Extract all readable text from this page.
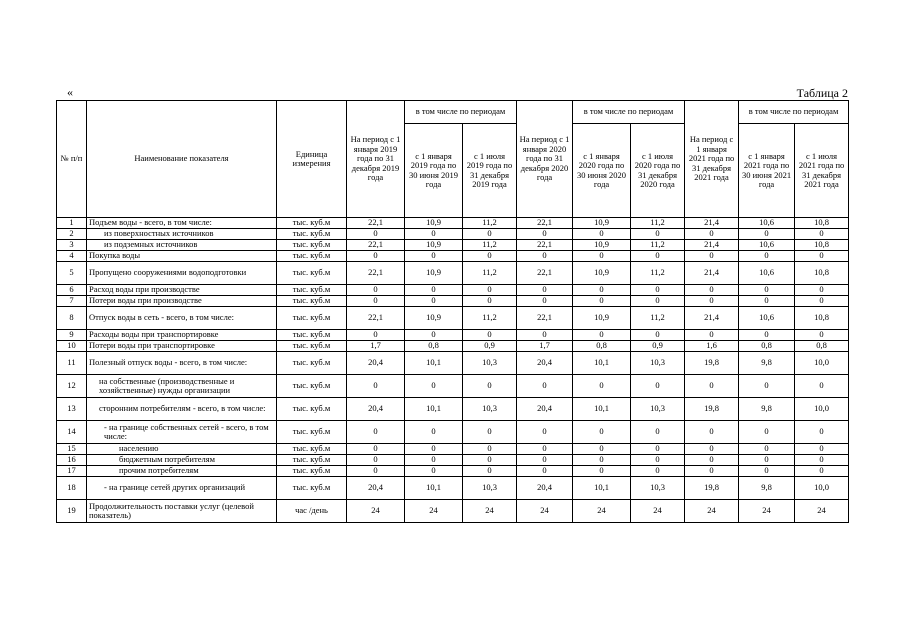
«	Таблица 2
№ п/п	Наименование показателя	Единица измерения	На период с 1 января 2019 года по 31 декабря 2019 года	в том числе по периодам		На период с 1 января 2020 года по 31 декабря 2020 года	в том числе по периодам		На период с 1 января 2021 года по 31 декабря 2021 года	в том числе по периодам	
				с 1 января 2019 года по 30 июня 2019 года	с 1 июля 2019 года по 31 декабря 2019 года		с 1 января 2020 года по 30 июня 2020 года	с 1 июля 2020 года по 31 декабря 2020 года		с 1 января 2021 года по 30 июня 2021 года	с 1 июля 2021 года по 31 декабря 2021 года
1	Подъем воды - всего, в том числе:	тыс. куб.м	22,1	10,9	11,2	22,1	10,9	11,2	21,4	10,6	10,8
2	из поверхностных источников	тыс. куб.м	0	0	0	0	0	0	0	0	0
3	из подземных источников	тыс. куб.м	22,1	10,9	11,2	22,1	10,9	11,2	21,4	10,6	10,8
4	Покупка воды	тыс. куб.м	0	0	0	0	0	0	0	0	0
5	Пропущено сооружениями водоподготовки	тыс. куб.м	22,1	10,9	11,2	22,1	10,9	11,2	21,4	10,6	10,8
6	Расход воды при производстве	тыс. куб.м	0	0	0	0	0	0	0	0	0
7	Потери воды при производстве	тыс. куб.м	0	0	0	0	0	0	0	0	0
8	Отпуск воды в сеть - всего, в том числе:	тыс. куб.м	22,1	10,9	11,2	22,1	10,9	11,2	21,4	10,6	10,8
9	Расходы воды при транспортировке	тыс. куб.м	0	0	0	0	0	0	0	0	0
10	Потери воды при транспортировке	тыс. куб.м	1,7	0,8	0,9	1,7	0,8	0,9	1,6	0,8	0,8
11	Полезный отпуск воды - всего, в том числе:	тыс. куб.м	20,4	10,1	10,3	20,4	10,1	10,3	19,8	9,8	10,0
12	на собственные (производственные и хозяйственные) нужды организации	тыс. куб.м	0	0	0	0	0	0	0	0	0
13	сторонним потребителям - всего, в том числе:	тыс. куб.м	20,4	10,1	10,3	20,4	10,1	10,3	19,8	9,8	10,0
14	- на границе собственных сетей - всего, в том числе:	тыс. куб.м	0	0	0	0	0	0	0	0	0
15	населению	тыс. куб.м	0	0	0	0	0	0	0	0	0
16	бюджетным потребителям	тыс. куб.м	0	0	0	0	0	0	0	0	0
17	прочим потребителям	тыс. куб.м	0	0	0	0	0	0	0	0	0
18	- на границе сетей других организаций	тыс. куб.м	20,4	10,1	10,3	20,4	10,1	10,3	19,8	9,8	10,0
19	Продолжительность поставки услуг (целевой показатель)	час /день	24	24	24	24	24	24	24	24	24
